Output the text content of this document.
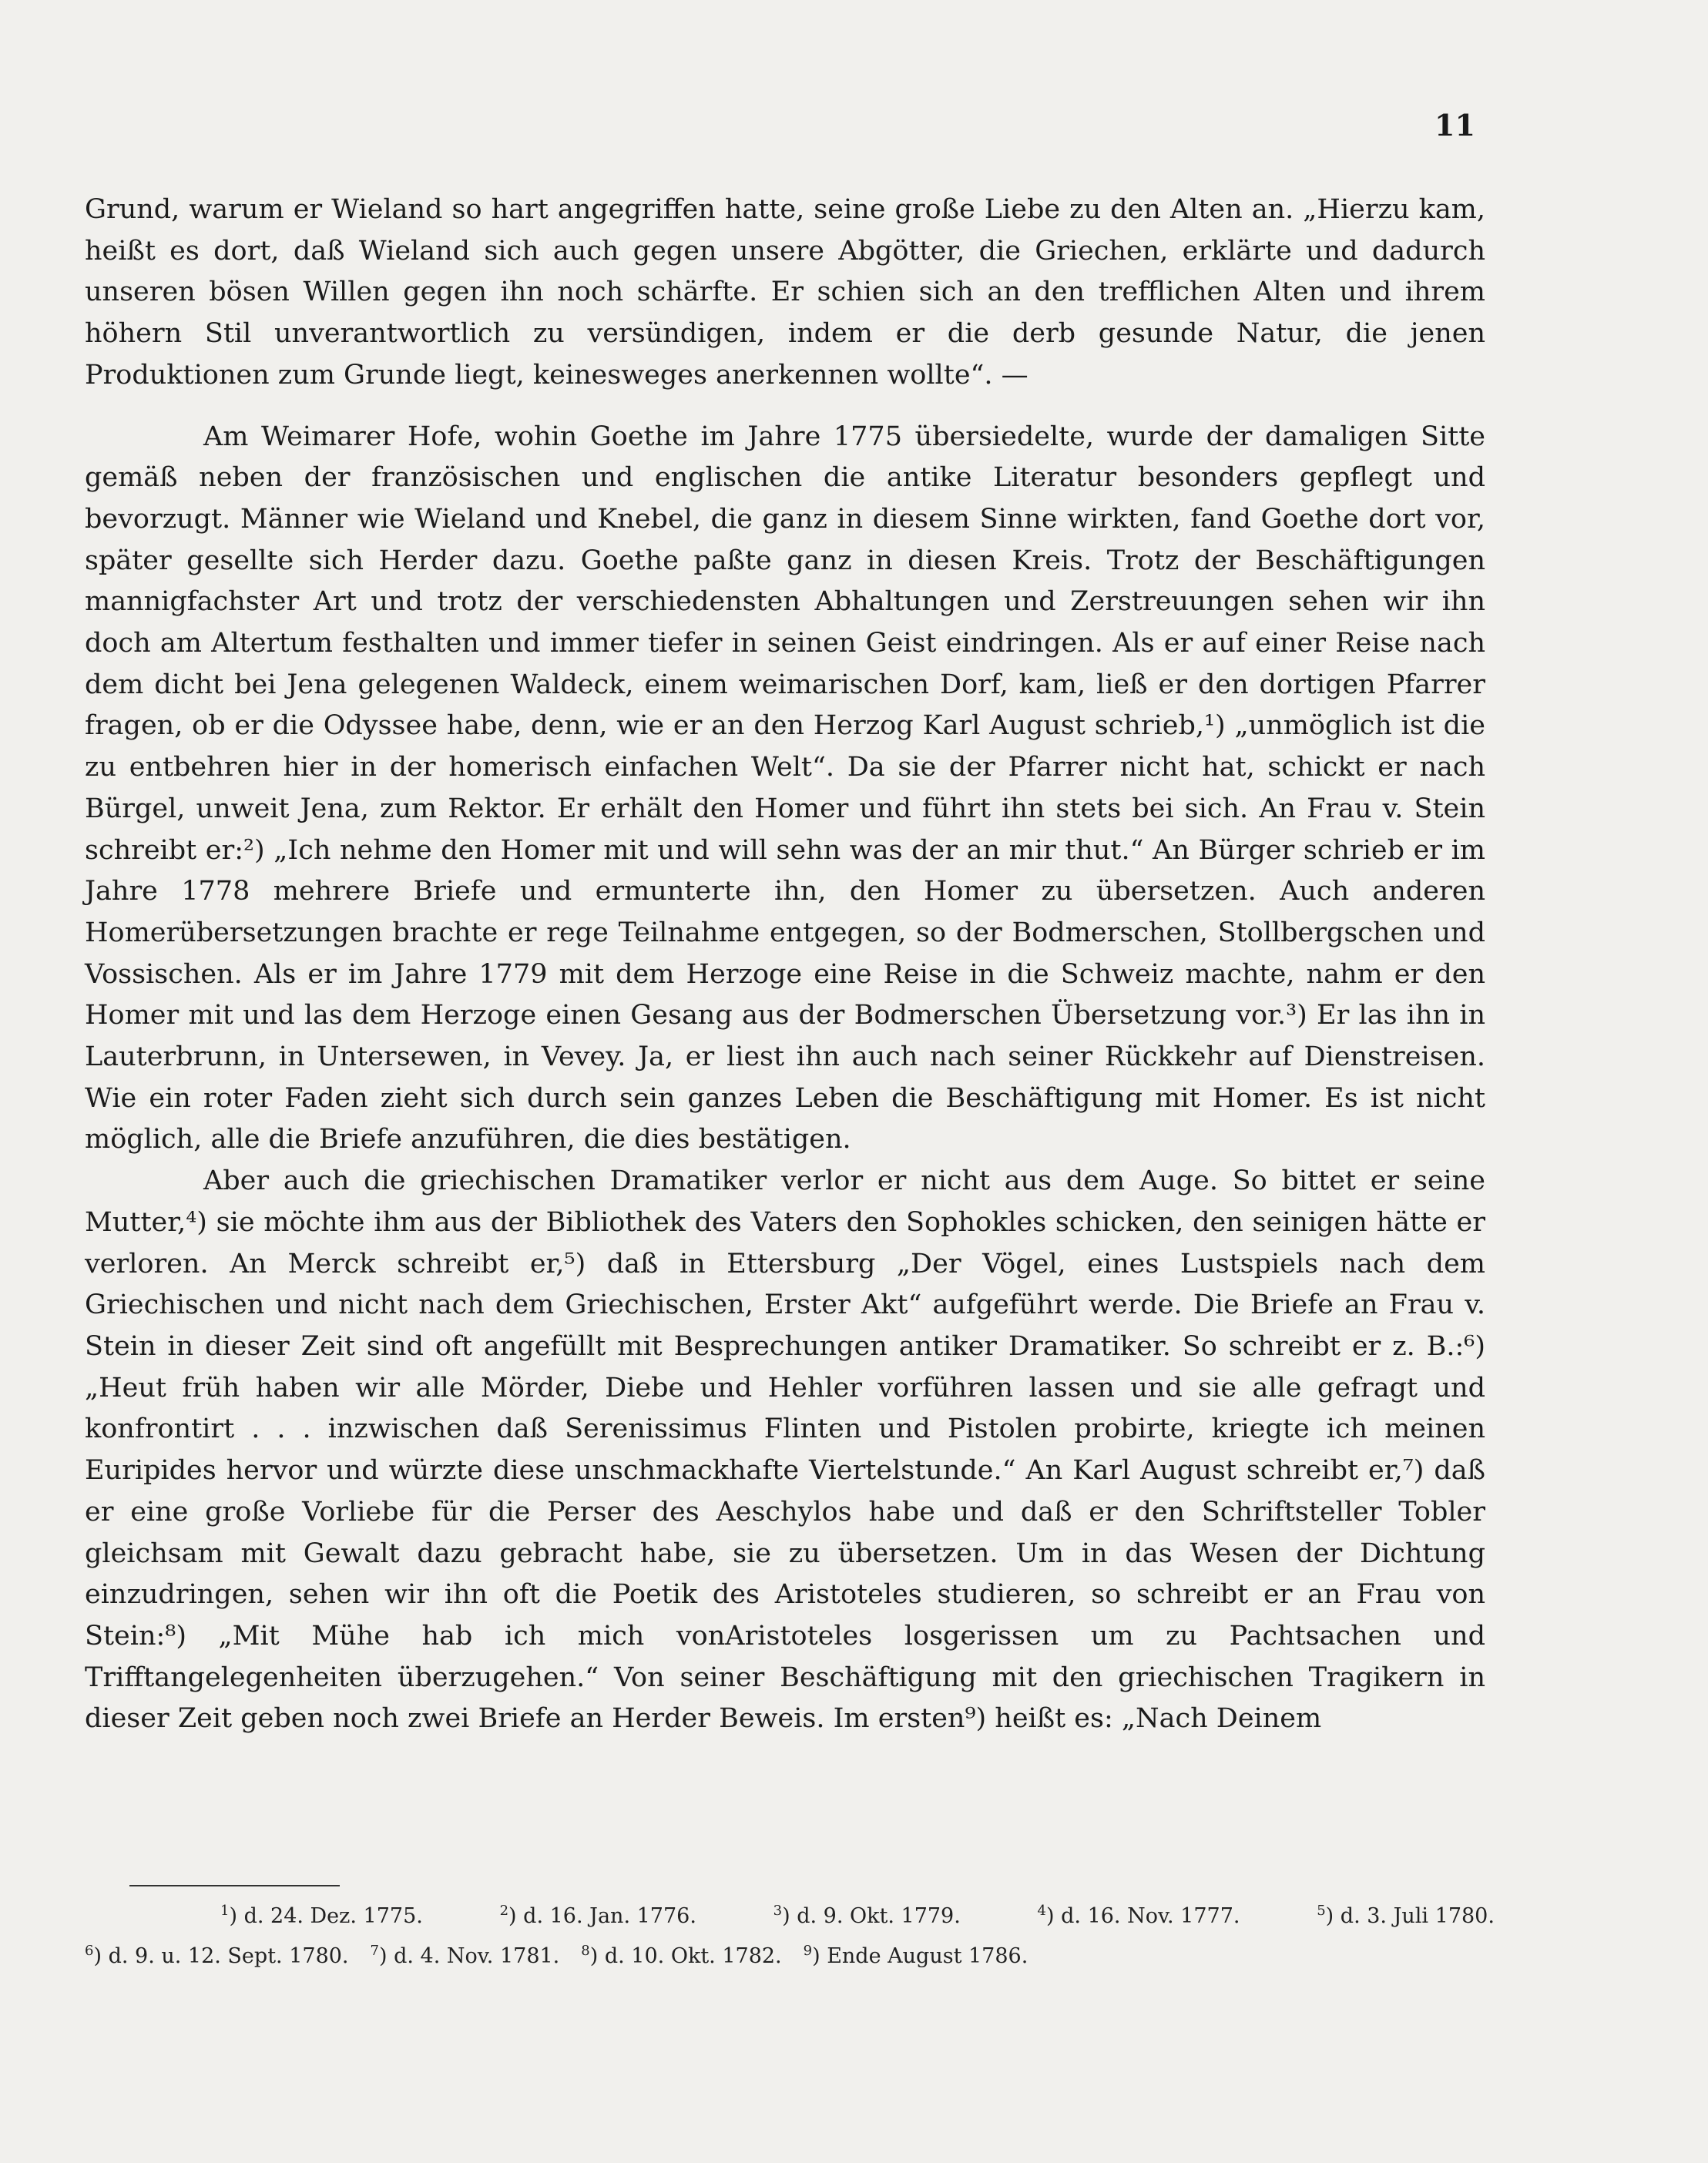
11

Grund, warum er Wieland so hart angegriffen hatte, seine große Liebe zu den Alten an. „Hierzu kam, heißt es dort, daß Wieland sich auch gegen unsere Abgötter, die Griechen, erklärte und dadurch unseren bösen Willen gegen ihn noch schärfte. Er schien sich an den trefflichen Alten und ihrem höhern Stil unverantwortlich zu versündigen, indem er die derb gesunde Natur, die jenen Produktionen zum Grunde liegt, keinesweges anerkennen wollte“. —

Am Weimarer Hofe, wohin Goethe im Jahre 1775 übersiedelte, wurde der damaligen Sitte gemäß neben der französischen und englischen die antike Literatur besonders gepflegt und bevorzugt. Männer wie Wieland und Knebel, die ganz in diesem Sinne wirkten, fand Goethe dort vor, später gesellte sich Herder dazu. Goethe paßte ganz in diesen Kreis. Trotz der Beschäftigungen mannigfachster Art und trotz der verschiedensten Abhaltungen und Zerstreuungen sehen wir ihn doch am Altertum festhalten und immer tiefer in seinen Geist eindringen. Als er auf einer Reise nach dem dicht bei Jena gelegenen Waldeck, einem weimarischen Dorf, kam, ließ er den dortigen Pfarrer fragen, ob er die Odyssee habe, denn, wie er an den Herzog Karl August schrieb,¹) „unmöglich ist die zu entbehren hier in der homerisch einfachen Welt“. Da sie der Pfarrer nicht hat, schickt er nach Bürgel, unweit Jena, zum Rektor. Er erhält den Homer und führt ihn stets bei sich. An Frau v. Stein schreibt er:²) „Ich nehme den Homer mit und will sehn was der an mir thut.“ An Bürger schrieb er im Jahre 1778 mehrere Briefe und ermunterte ihn, den Homer zu übersetzen. Auch anderen Homerübersetzungen brachte er rege Teilnahme entgegen, so der Bodmerschen, Stollbergschen und Vossischen. Als er im Jahre 1779 mit dem Herzoge eine Reise in die Schweiz machte, nahm er den Homer mit und las dem Herzoge einen Gesang aus der Bodmerschen Übersetzung vor.³) Er las ihn in Lauterbrunn, in Untersewen, in Vevey. Ja, er liest ihn auch nach seiner Rückkehr auf Dienstreisen. Wie ein roter Faden zieht sich durch sein ganzes Leben die Beschäftigung mit Homer. Es ist nicht möglich, alle die Briefe anzuführen, die dies bestätigen.

Aber auch die griechischen Dramatiker verlor er nicht aus dem Auge. So bittet er seine Mutter,⁴) sie möchte ihm aus der Bibliothek des Vaters den Sophokles schicken, den seinigen hätte er verloren. An Merck schreibt er,⁵) daß in Ettersburg „Der Vögel, eines Lustspiels nach dem Griechischen und nicht nach dem Griechischen, Erster Akt“ aufgeführt werde. Die Briefe an Frau v. Stein in dieser Zeit sind oft angefüllt mit Besprechungen antiker Dramatiker. So schreibt er z. B.:⁶) „Heut früh haben wir alle Mörder, Diebe und Hehler vorführen lassen und sie alle gefragt und konfrontirt . . . inzwischen daß Serenissimus Flinten und Pistolen probirte, kriegte ich meinen Euripides hervor und würzte diese unschmackhafte Viertelstunde.“ An Karl August schreibt er,⁷) daß er eine große Vorliebe für die Perser des Aeschylos habe und daß er den Schriftsteller Tobler gleichsam mit Gewalt dazu gebracht habe, sie zu übersetzen. Um in das Wesen der Dichtung einzudringen, sehen wir ihn oft die Poetik des Aristoteles studieren, so schreibt er an Frau von Stein:⁸) „Mit Mühe hab ich mich vonAristoteles losgerissen um zu Pachtsachen und Trifftangelegenheiten überzugehen.“ Von seiner Beschäftigung mit den griechischen Tragikern in dieser Zeit geben noch zwei Briefe an Herder Beweis. Im ersten⁹) heißt es: „Nach Deinem

$^1$) d. 24. Dez. 1775.	$^2$) d. 16. Jan. 1776.	$^3$) d. 9. Okt. 1779.	$^4$) d. 16. Nov. 1777.	$^5$) d. 3. Juli 1780.
$^6$) d. 9. u. 12. Sept. 1780. $^7$) d. 4. Nov. 1781. $^8$) d. 10. Okt. 1782. $^9$) Ende August 1786.
